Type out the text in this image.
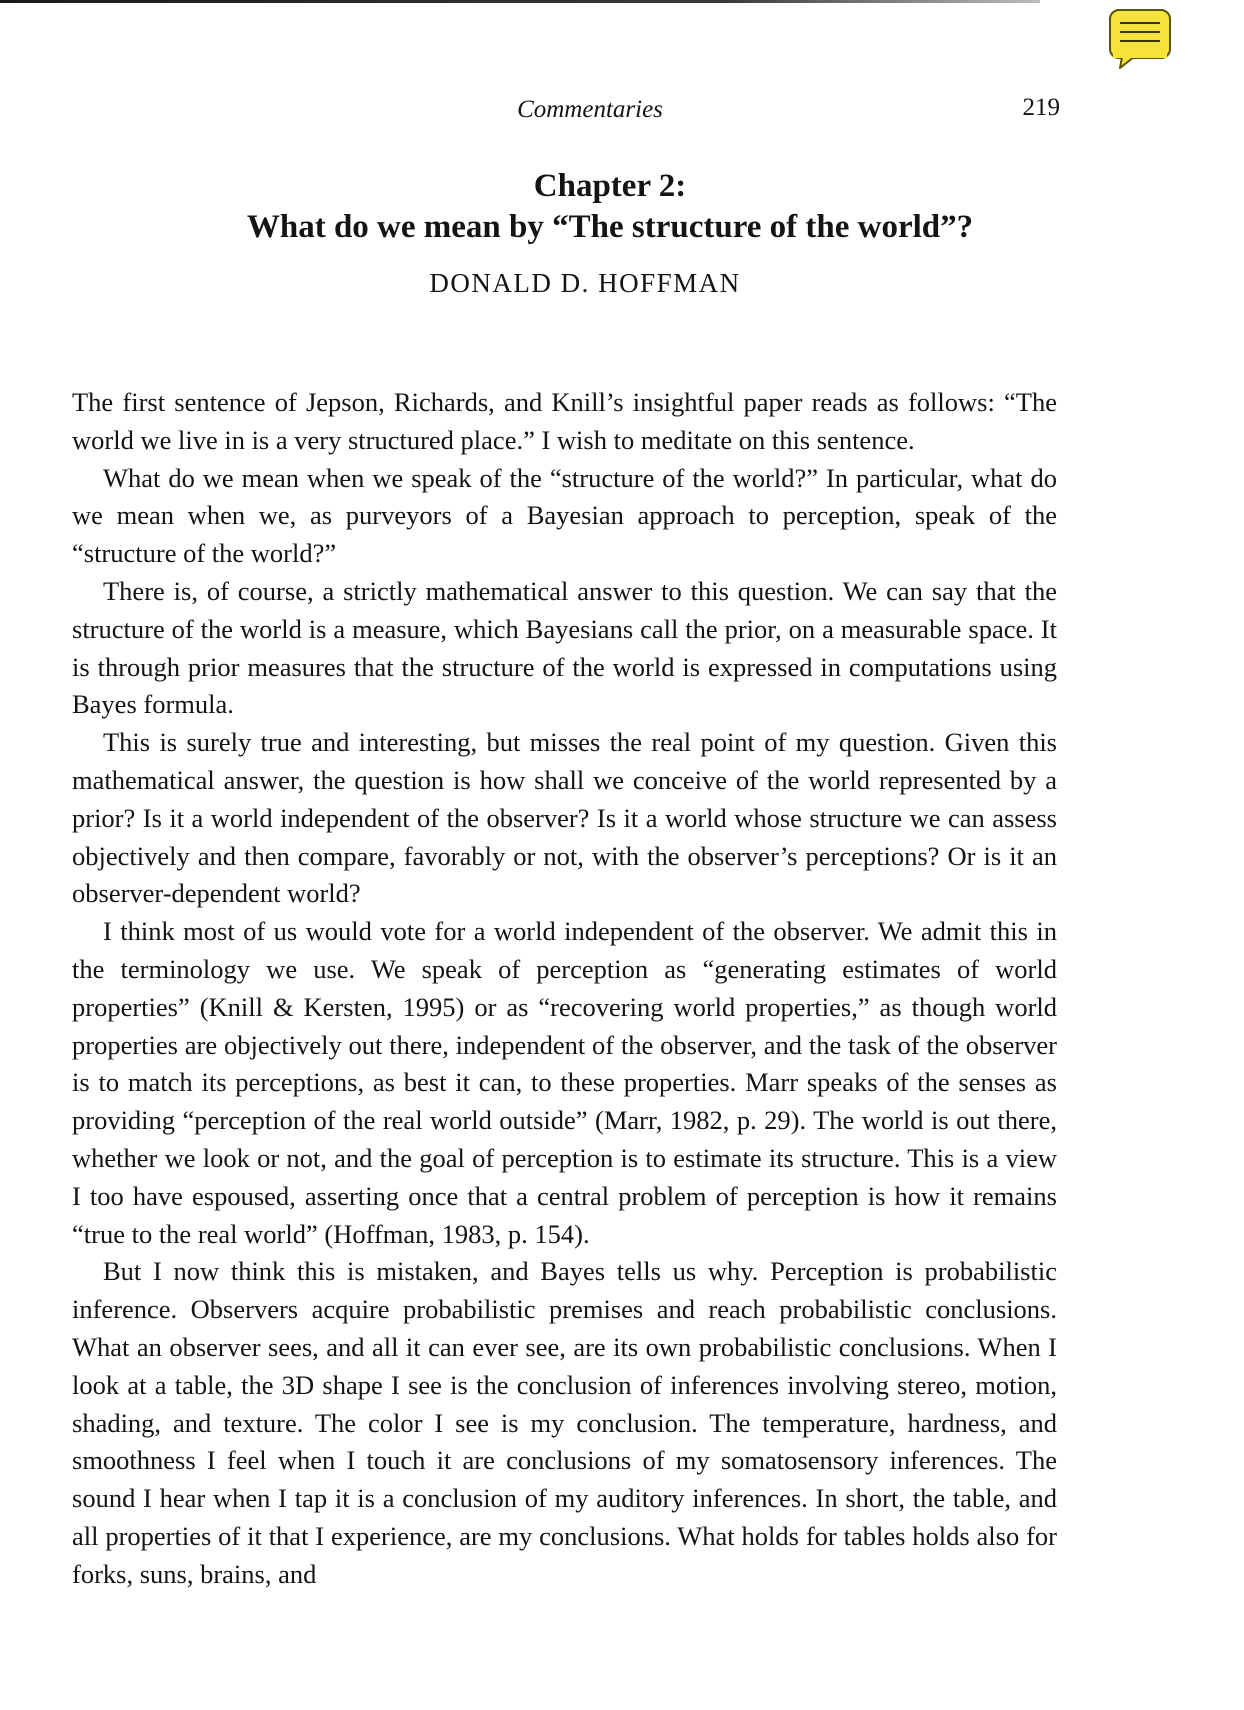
Commentaries	219
Chapter 2:
What do we mean by “The structure of the world”?
DONALD D. HOFFMAN

The first sentence of Jepson, Richards, and Knill’s insightful paper reads as follows: “The world we live in is a very structured place.” I wish to meditate on this sentence.

What do we mean when we speak of the “structure of the world?” In particular, what do we mean when we, as purveyors of a Bayesian approach to perception, speak of the “structure of the world?”

There is, of course, a strictly mathematical answer to this question. We can say that the structure of the world is a measure, which Bayesians call the prior, on a measurable space. It is through prior measures that the structure of the world is expressed in computations using Bayes formula.

This is surely true and interesting, but misses the real point of my question. Given this mathematical answer, the question is how shall we conceive of the world represented by a prior? Is it a world independent of the observer? Is it a world whose structure we can assess objectively and then compare, favorably or not, with the observer’s perceptions? Or is it an observer-dependent world?

I think most of us would vote for a world independent of the observer. We admit this in the terminology we use. We speak of perception as “generating estimates of world properties” (Knill & Kersten, 1995) or as “recovering world properties,” as though world properties are objectively out there, independent of the observer, and the task of the observer is to match its perceptions, as best it can, to these properties. Marr speaks of the senses as providing “perception of the real world outside” (Marr, 1982, p. 29). The world is out there, whether we look or not, and the goal of perception is to estimate its structure. This is a view I too have espoused, asserting once that a central problem of perception is how it remains “true to the real world” (Hoffman, 1983, p. 154).

But I now think this is mistaken, and Bayes tells us why. Perception is probabilistic inference. Observers acquire probabilistic premises and reach probabilistic conclusions. What an observer sees, and all it can ever see, are its own probabilistic conclusions. When I look at a table, the 3D shape I see is the conclusion of inferences involving stereo, motion, shading, and texture. The color I see is my conclusion. The temperature, hardness, and smoothness I feel when I touch it are conclusions of my somatosensory inferences. The sound I hear when I tap it is a conclusion of my auditory inferences. In short, the table, and all properties of it that I experience, are my conclusions. What holds for tables holds also for forks, suns, brains, and
